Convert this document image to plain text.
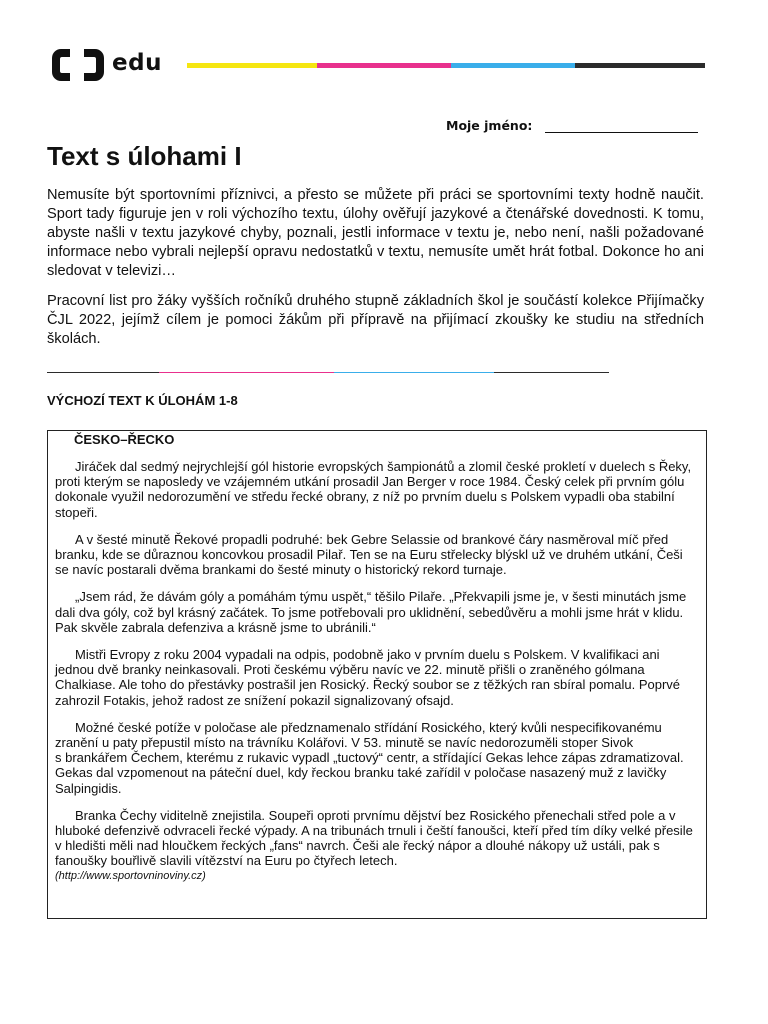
edu
Moje jméno:
Text s úlohami I

Nemusíte být sportovními příznivci, a přesto se můžete při práci se sportovními texty hodně naučit. Sport tady figuruje jen v roli výchozího textu, úlohy ověřují jazykové a čtenářské dovednosti. K tomu, abyste našli v textu jazykové chyby, poznali, jestli informace v textu je, nebo není, našli požadované informace nebo vybrali nejlepší opravu nedostatků v textu, nemusíte umět hrát fotbal. Dokonce ho ani sledovat v televizi…

Pracovní list pro žáky vyšších ročníků druhého stupně základních škol je součástí kolekce Přijímačky ČJL 2022, jejímž cílem je pomoci žákům při přípravě na přijímací zkoušky ke studiu na středních školách.

VÝCHOZÍ TEXT K ÚLOHÁM 1-8

ČESKO–ŘECKO

Jiráček dal sedmý nejrychlejší gól historie evropských šampionátů a zlomil české prokletí v duelech s Řeky, proti kterým se naposledy ve vzájemném utkání prosadil Jan Berger v roce 1984. Český celek při prvním gólu dokonale využil nedorozumění ve středu řecké obrany, z níž po prvním duelu s Polskem vypadli oba stabilní stopeři.

A v šesté minutě Řekové propadli podruhé: bek Gebre Selassie od brankové čáry nasměroval míč před branku, kde se důraznou koncovkou prosadil Pilař. Ten se na Euru střelecky blýskl už ve druhém utkání, Češi se navíc postarali dvěma brankami do šesté minuty o historický rekord turnaje.

„Jsem rád, že dávám góly a pomáhám týmu uspět,“ těšilo Pilaře. „Překvapili jsme je, v šesti minutách jsme dali dva góly, což byl krásný začátek. To jsme potřebovali pro uklidnění, sebedůvěru a mohli jsme hrát v klidu. Pak skvěle zabrala defenziva a krásně jsme to ubránili.“

Mistři Evropy z roku 2004 vypadali na odpis, podobně jako v prvním duelu s Polskem. V kvalifikaci ani jednou dvě branky neinkasovali. Proti českému výběru navíc ve 22. minutě přišli o zraněného gólmana Chalkiase. Ale toho do přestávky postrašil jen Rosický. Řecký soubor se z těžkých ran sbíral pomalu. Poprvé zahrozil Fotakis, jehož radost ze snížení pokazil signalizovaný ofsajd.

Možné české potíže v poločase ale předznamenalo střídání Rosického, který kvůli nespecifikovanému zranění u paty přepustil místo na trávníku Kolářovi. V 53. minutě se navíc nedorozuměli stoper Sivok

s brankářem Čechem, kterému z rukavic vypadl „tuctový“ centr, a střídající Gekas lehce zápas zdramatizoval. Gekas dal vzpomenout na páteční duel, kdy řeckou branku také zařídil v poločase nasazený muž z lavičky Salpingidis.

Branka Čechy viditelně znejistila. Soupeři oproti prvnímu dějství bez Rosického přenechali střed pole a v hluboké defenzivě odvraceli řecké výpady. A na tribunách trnuli i čeští fanoušci, kteří před tím díky velké přesile v hledišti měli nad hloučkem řeckých „fans“ navrch. Češi ale řecký nápor a dlouhé nákopy už ustáli, pak s fanoušky bouřlivě slavili vítězství na Euru po čtyřech letech.

(http://www.sportovninoviny.cz)
